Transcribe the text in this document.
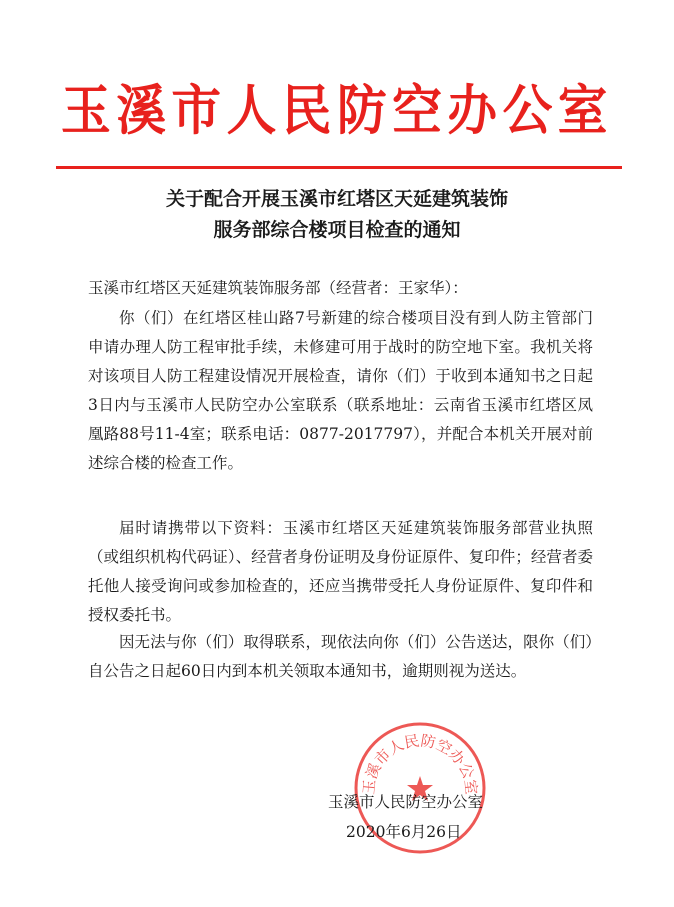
玉溪市人民防空办公室
关于配合开展玉溪市红塔区天延建筑装饰
服务部综合楼项目检查的通知

玉溪市红塔区天延建筑装饰服务部（经营者：王家华）：

你（们）在红塔区桂山路7号新建的综合楼项目没有到人防主管部门申请办理人防工程审批手续，未修建可用于战时的防空地下室。我机关将对该项目人防工程建设情况开展检查，请你（们）于收到本通知书之日起3日内与玉溪市人民防空办公室联系（联系地址：云南省玉溪市红塔区凤凰路88号11-4室；联系电话：0877-2017797），并配合本机关开展对前述综合楼的检查工作。

届时请携带以下资料：玉溪市红塔区天延建筑装饰服务部营业执照（或组织机构代码证）、经营者身份证明及身份证原件、复印件；经营者委托他人接受询问或参加检查的，还应当携带受托人身份证原件、复印件和授权委托书。

因无法与你（们）取得联系，现依法向你（们）公告送达，限你（们）自公告之日起60日内到本机关领取本通知书，逾期则视为送达。

玉溪市人民防空办公室
玉溪市人民防空办公室
2020年6月26日
